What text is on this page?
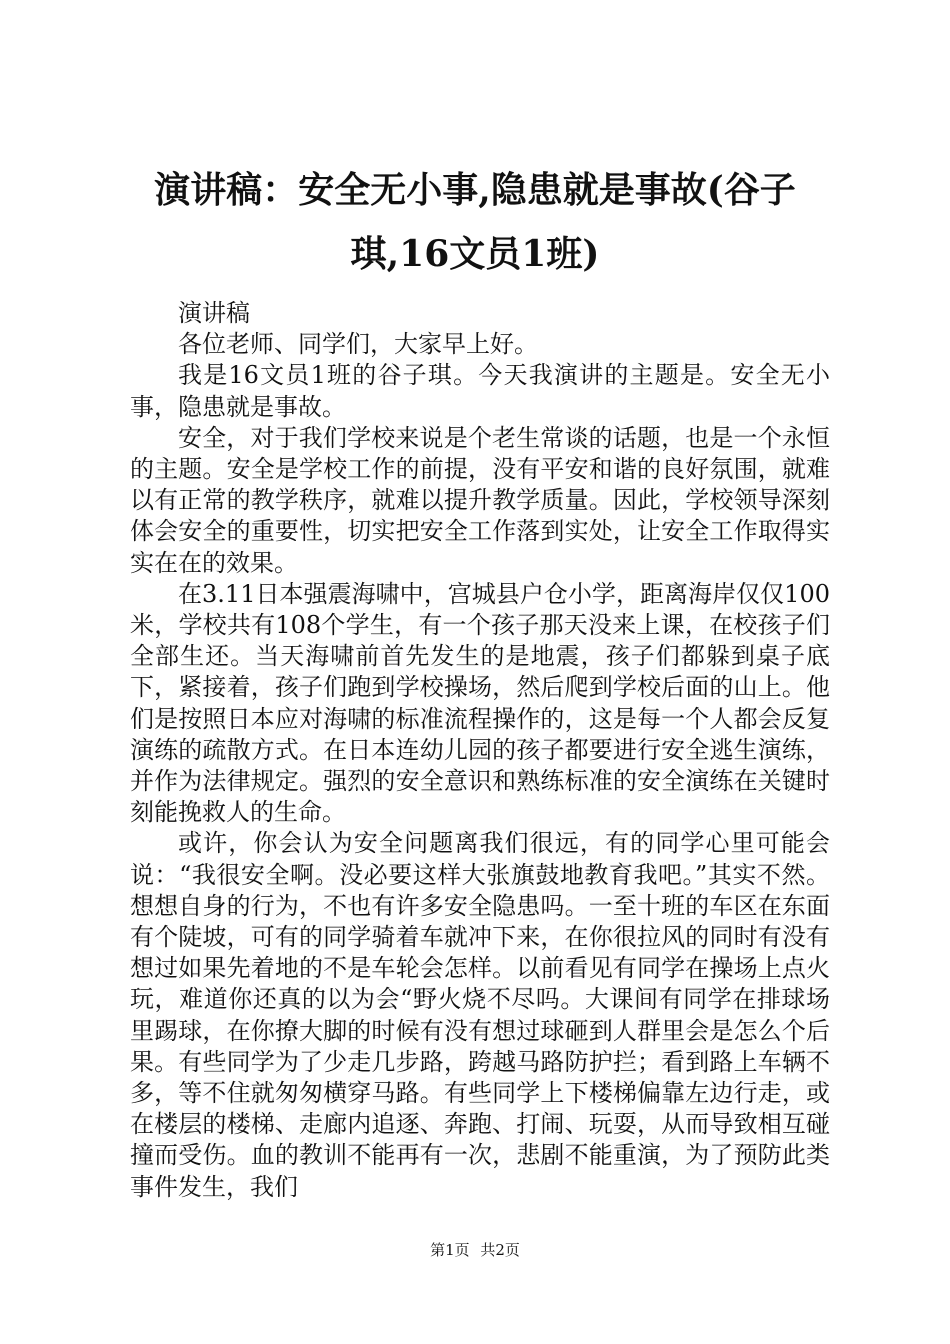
演讲稿：安全无小事,隐患就是事故(谷子
琪,16文员1班)

演讲稿

各位老师、同学们，大家早上好。

我是16文员1班的谷子琪。今天我演讲的主题是。安全无小事，隐患就是事故。

安全，对于我们学校来说是个老生常谈的话题，也是一个永恒的主题。安全是学校工作的前提，没有平安和谐的良好氛围，就难以有正常的教学秩序，就难以提升教学质量。因此，学校领导深刻体会安全的重要性，切实把安全工作落到实处，让安全工作取得实实在在的效果。

在3.11日本强震海啸中，宫城县户仓小学，距离海岸仅仅100米，学校共有108个学生，有一个孩子那天没来上课，在校孩子们全部生还。当天海啸前首先发生的是地震，孩子们都躲到桌子底下，紧接着，孩子们跑到学校操场，然后爬到学校后面的山上。他们是按照日本应对海啸的标准流程操作的，这是每一个人都会反复演练的疏散方式。在日本连幼儿园的孩子都要进行安全逃生演练，并作为法律规定。强烈的安全意识和熟练标准的安全演练在关键时刻能挽救人的生命。

或许，你会认为安全问题离我们很远，有的同学心里可能会说：“我很安全啊。没必要这样大张旗鼓地教育我吧。”其实不然。想想自身的行为，不也有许多安全隐患吗。一至十班的车区在东面有个陡坡，可有的同学骑着车就冲下来，在你很拉风的同时有没有想过如果先着地的不是车轮会怎样。以前看见有同学在操场上点火玩，难道你还真的以为会“野火烧不尽吗。大课间有同学在排球场里踢球，在你撩大脚的时候有没有想过球砸到人群里会是怎么个后果。有些同学为了少走几步路，跨越马路防护拦；看到路上车辆不多，等不住就匆匆横穿马路。有些同学上下楼梯偏靠左边行走，或在楼层的楼梯、走廊内追逐、奔跑、打闹、玩耍，从而导致相互碰撞而受伤。血的教训不能再有一次，悲剧不能重演，为了预防此类事件发生，我们

第1页 共2页
